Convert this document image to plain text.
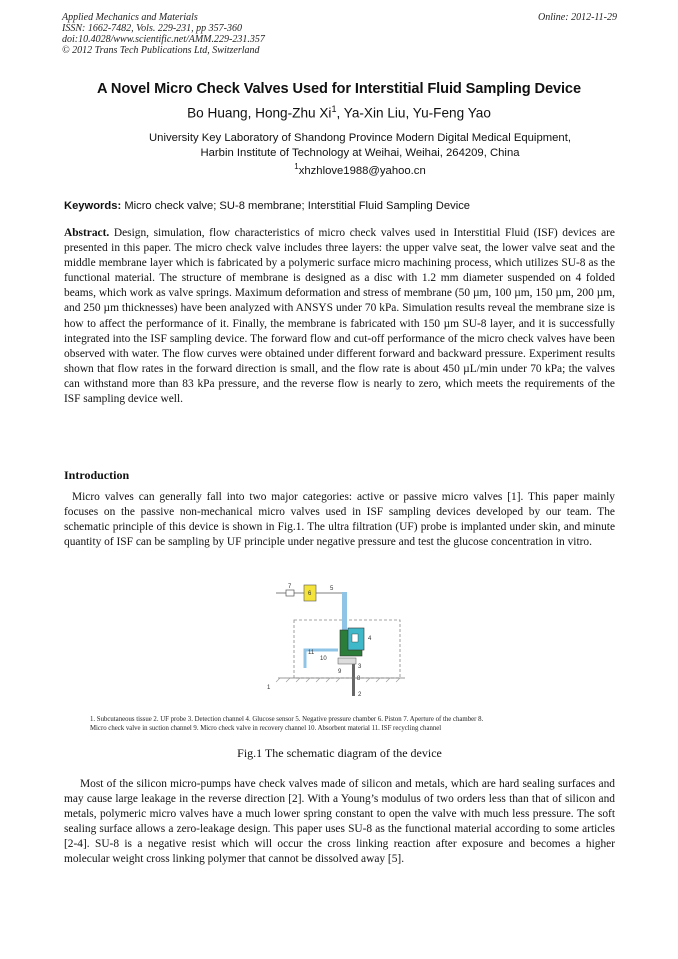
Applied Mechanics and Materials
ISSN: 1662-7482, Vols. 229-231, pp 357-360
doi:10.4028/www.scientific.net/AMM.229-231.357
© 2012 Trans Tech Publications Ltd, Switzerland
Online: 2012-11-29
A Novel Micro Check Valves Used for Interstitial Fluid Sampling Device
Bo Huang, Hong-Zhu Xi$^1$, Ya-Xin Liu, Yu-Feng Yao
University Key Laboratory of Shandong Province Modern Digital Medical Equipment,
Harbin Institute of Technology at Weihai, Weihai, 264209, China
$^1$xhzhlove1988@yahoo.cn
Keywords: Micro check valve; SU-8 membrane; Interstitial Fluid Sampling Device
Abstract. Design, simulation, flow characteristics of micro check valves used in Interstitial Fluid (ISF) devices are presented in this paper. The micro check valve includes three layers: the upper valve seat, the lower valve seat and the middle membrane layer which is fabricated by a polymeric surface micro machining process, which utilizes SU-8 as the functional material. The structure of membrane is designed as a disc with 1.2 mm diameter suspended on 4 folded beams, which work as valve springs. Maximum deformation and stress of membrane (50 µm, 100 µm, 150 µm, 200 µm, and 250 µm thicknesses) have been analyzed with ANSYS under 70 kPa. Simulation results reveal the membrane size is how to affect the performance of it. Finally, the membrane is fabricated with 150 µm SU-8 layer, and it is successfully integrated into the ISF sampling device. The forward flow and cut-off performance of the micro check valves have been observed with water. The flow curves were obtained under different forward and backward pressure. Experiment results shown that flow rates in the forward direction is small, and the flow rate is about 450 µL/min under 70 kPa; the valves can withstand more than 83 kPa pressure, and the reverse flow is nearly to zero, which meets the requirements of the ISF sampling device well.
Introduction
Micro valves can generally fall into two major categories: active or passive micro valves [1]. This paper mainly focuses on the passive non-mechanical micro valves used in ISF sampling devices developed by our team. The schematic principle of this device is shown in Fig.1. The ultra filtration (UF) probe is implanted under skin, and minute quantity of ISF can be sampling by UF principle under negative pressure and test the glucose concentration in vitro.
7
6
5
4
11
10
9
3
8
2
1
1. Subcutaneous tissue 2. UF probe 3. Detection channel 4. Glucose sensor 5. Negative pressure chamber 6. Piston 7. Aperture of the chamber 8.
Micro check valve in suction channel 9. Micro check valve in recovery channel 10. Absorbent material 11. ISF recycling channel
Fig.1 The schematic diagram of the device
Most of the silicon micro-pumps have check valves made of silicon and metals, which are hard sealing surfaces and may cause large leakage in the reverse direction [2]. With a Young’s modulus of two orders less than that of silicon and metals, polymeric micro valves have a much lower spring constant to open the valve with much less pressure. The soft sealing surface allows a zero-leakage design. This paper uses SU-8 as the functional material according to some articles [2-4]. SU-8 is a negative resist which will occur the cross linking reaction after exposure and becomes a higher molecular weight cross linking polymer that cannot be dissolved away [5].
